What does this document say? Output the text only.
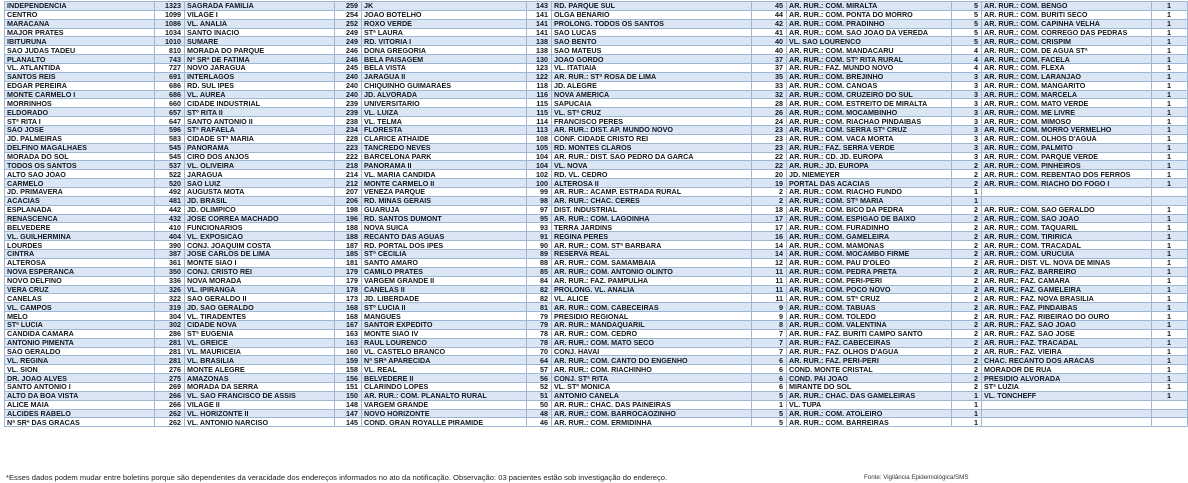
INDEPENDENCIA	1323	SAGRADA FAMILIA	259	JK	143	RD. PARQUE SUL	45	AR. RUR.: COM. MIRALTA	5	AR. RUR.: COM. BENGO	1
CENTRO	1099	VILAGE I	254	JOAO BOTELHO	141	OLGA BENARIO	44	AR. RUR.: COM. PONTA DO MORRO	5	AR. RUR.: COM. BURITI SECO	1
MARACANA	1086	VL. ANALIA	252	ROXO VERDE	141	PROLONG. TODOS OS SANTOS	42	AR. RUR.: COM. PRADINHO	5	AR. RUR.: COM. CAPINHA VELHA	1
MAJOR PRATES	1034	SANTO INACIO	249	STª LAURA	141	SAO LUCAS	41	AR. RUR.: COM. SAO JOAO DA VEREDA	5	AR. RUR.: COM. CORREGO DAS PEDRAS	1
IBITURUNA	1010	SUMARE	249	RD. VITORIA I	138	SAO BENTO	40	VL. SAO LOURENCO	5	AR. RUR.: COM. CRISPIM	1
SAO JUDAS TADEU	810	MORADA DO PARQUE	246	DONA GREGORIA	138	SAO MATEUS	40	AR. RUR.: COM. MANDACARU	4	AR. RUR.: COM. DE AGUA STª	1
PLANALTO	743	Nª SRª DE FATIMA	246	BELA PAISAGEM	130	JOAO GORDO	37	AR. RUR.: COM. STº RITA RURAL	4	AR. RUR.: COM. FACELA	1
VL. ATLANTIDA	727	NOVO JARAGUA	245	BELA VISTA	123	VL. ITATIAIA	37	AR. RUR.: FAZ. MUNDO NOVO	4	AR. RUR.: COM. FLEXA	1
SANTOS REIS	691	INTERLAGOS	240	JARAGUA II	122	AR. RUR.: STª ROSA DE LIMA	35	AR. RUR.: COM. BREJINHO	3	AR. RUR.: COM. LARANJAO	1
EDGAR PEREIRA	686	RD. SUL IPES	240	CHIQUINHO GUIMARAES	118	JD. ALEGRE	33	AR. RUR.: COM. CANOAS	3	AR. RUR.: COM. MANGARITO	1
MONTE CARMELO I	686	VL. AUREA	240	JD. ALVORADA	116	NOVA AMERICA	32	AR. RUR.: COM. CRUZEIRO DO SUL	3	AR. RUR.: COM. MARCELA	1
MORRINHOS	660	CIDADE INDUSTRIAL	239	UNIVERSITARIO	115	SAPUCAIA	28	AR. RUR.: COM. ESTREITO DE MIRALTA	3	AR. RUR.: COM. MATO VERDE	1
ELDORADO	657	STº RITA II	239	VL. LUIZA	115	VL. STª CRUZ	26	AR. RUR.: COM. MOCAMBINHO	3	AR. RUR.: COM. ME LIVRE	1
STª RITA I	647	SANTO ANTONIO II	238	VL. TELMA	114	FRANCISCO PERES	24	AR. RUR.: COM. RIACHAO PINDAIBAS	3	AR. RUR.: COM. MIMOSO	1
SAO JOSE	596	STª RAFAELA	234	FLORESTA	113	AR. RUR.: DIST. AP. MUNDO NOVO	23	AR. RUR.: COM. SERRA STª CRUZ	3	AR. RUR.: COM. MORRO VERMELHO	1
JD. PALMEIRAS	583	CIDADE STª MARIA	228	CLARICE ATHAIDE	108	CONF. CIDADE CRISTO REI	23	AR. RUR.: COM. VACA MORTA	3	AR. RUR.: COM. OLHOS D'AGUA	1
DELFINO MAGALHAES	545	PANORAMA	223	TANCREDO NEVES	105	RD. MONTES CLAROS	23	AR. RUR.: FAZ. SERRA VERDE	3	AR. RUR.: COM. PALMITO	1
MORADA DO SOL	545	CIRO DOS ANJOS	222	BARCELONA PARK	104	AR. RUR.: DIST. SAO PEDRO DA GARCA	22	AR. RUR.: CD. JD. EUROPA	3	AR. RUR.: COM. PARQUE VERDE	1
TODOS OS SANTOS	537	VL. OLIVEIRA	218	PANORAMA II	104	VL. NOVA	22	AR. RUR.: JD. EUROPA	2	AR. RUR.: COM. PINHEIROS	1
ALTO SAO JOAO	522	JARAGUA	214	VL. MARIA CANDIDA	102	RD. VL. CEDRO	20	JD. NIEMEYER	2	AR. RUR.: COM. REBENTAO DOS FERROS	1
CARMELO	520	SAO LUIZ	212	MONTE CARMELO II	100	ALTEROSA II	19	PORTAL DAS ACACIAS	2	AR. RUR.: COM. RIACHO DO FOGO I	1
JD. PRIMAVERA	492	AUGUSTA MOTA	207	VENEZA PARQUE	99	AR. RUR.: ACAMP. ESTRADA RURAL	2	AR. RUR.: COM. RIACHO FUNDO	1		
ACACIAS	481	JD. BRASIL	206	RD. MINAS GERAIS	98	AR. RUR.: CHAC. CERES	2	AR. RUR.: COM. STª MARIA	1		
ESPLANADA	442	JD. OLIMPICO	198	GUARUJA	97	DIST. INDUSTRIAL	18	AR. RUR.: COM. BICO DA PEDRA	2	AR. RUR.: COM. SAO GERALDO	1
RENASCENCA	432	JOSE CORREA MACHADO	196	RD. SANTOS DUMONT	95	AR. RUR.: COM. LAGOINHA	17	AR. RUR.: COM. ESPIGAO DE BAIXO	2	AR. RUR.: COM. SAO JOAO	1
BELVEDERE	410	FUNCIONARIOS	188	NOVA SUICA	93	TERRA JARDINS	17	AR. RUR.: COM. FURADINHO	2	AR. RUR.: COM. TAQUARIL	1
VL. GUILHERMINA	404	VL. EXPOSICAO	188	RECANTO DAS AGUAS	91	REGINA PERES	16	AR. RUR.: COM. GAMELEIRA	2	AR. RUR.: COM. TIRIRICA	1
LOURDES	390	CONJ. JOAQUIM COSTA	187	RD. PORTAL DOS IPES	90	AR. RUR.: COM. STª BARBARA	14	AR. RUR.: COM. MAMONAS	2	AR. RUR.: COM. TRACADAL	1
CINTRA	387	JOSE CARLOS DE LIMA	185	STª CECILIA	89	RESERVA REAL	14	AR. RUR.: COM. MOCAMBO FIRME	2	AR. RUR.: COM. URUCUIA	1
ALTEROSA	361	MONTE SIAO I	181	SANTO AMARO	88	AR. RUR.: COM. SAMAMBAIA	12	AR. RUR.: COM. PAU D'OLEO	2	AR. RUR.: DIST. VL. NOVA DE MINAS	1
NOVA ESPERANCA	350	CONJ. CRISTO REI	179	CAMILO PRATES	85	AR. RUR.: COM. ANTONIO OLINTO	11	AR. RUR.: COM. PEDRA PRETA	2	AR. RUR.: FAZ. BARREIRO	1
NOVO DELFINO	336	NOVA MORADA	179	VARGEM GRANDE II	84	AR. RUR.: FAZ. PAMPULHA	11	AR. RUR.: COM. PERI-PERI	2	AR. RUR.: FAZ. CAMARA	1
VERA CRUZ	326	VL. IPIRANGA	178	CANELAS II	82	PROLONG. VL. ANALIA	11	AR. RUR.: COM. POCO NOVO	2	AR. RUR.: FAZ. GAMELEIRA	1
CANELAS	322	SAO GERALDO II	173	JD. LIBERDADE	82	VL. ALICE	11	AR. RUR.: COM. STª CRUZ	2	AR. RUR.: FAZ. NOVA BRASILIA	1
VL. CAMPOS	319	JD. SAO GERALDO	168	STº LUCIA II	81	AR. RUR.: COM. CABECEIRAS	9	AR. RUR.: COM. TABUAS	2	AR. RUR.: FAZ. PINDAIBAS	1
MELO	304	VL. TIRADENTES	168	MANGUES	79	PRESIDIO REGIONAL	9	AR. RUR.: COM. TOLEDO	2	AR. RUR.: FAZ. RIBEIRAO DO OURO	1
STª LUCIA	302	CIDADE NOVA	167	SANTOR EXPEDITO	79	AR. RUR.: MANDAQUARIL	8	AR. RUR.: COM. VALENTINA	2	AR. RUR.: FAZ. SAO JOAO	1
CANDIDA CAMARA	286	STª EUGENIA	163	MONTE SIAO IV	78	AR. RUR.: COM. CEDRO	7	AR. RUR.: FAZ. BURITI CAMPO SANTO	2	AR. RUR.: FAZ. SAO JOSE	1
ANTONIO PIMENTA	281	VL. GREICE	163	RAUL LOURENCO	78	AR. RUR.: COM. MATO SECO	7	AR. RUR.: FAZ. CABECEIRAS	2	AR. RUR.: FAZ. TRACADAL	1
SAO GERALDO	281	VL. MAURICEIA	160	VL. CASTELO BRANCO	70	CONJ. HAVAI	7	AR. RUR.: FAZ. OLHOS D'AGUA	2	AR. RUR.: FAZ. VIEIRA	1
VL. REGINA	281	VL. BRASILIA	159	Nª SRª APARECIDA	64	AR. RUR.: COM. CANTO DO ENGENHO	6	AR. RUR.: FAZ. PERI-PERI	2	CHAC. RECANTO DOS ARACAS	1
VL. SION	276	MONTE ALEGRE	158	VL. REAL	57	AR. RUR.: COM. RIACHINHO	6	COND. MONTE CRISTAL	2	MORADOR DE RUA	1
DR. JOAO ALVES	275	AMAZONAS	156	BELVEDERE II	56	CONJ. STª RITA	6	COND. PAI JOAO	2	PRESIDIO ALVORADA	1
SANTO ANTONIO I	269	MORADA DA SERRA	151	CLARINDO LOPES	52	VL. STº MONICA	6	MIRANTE DO SOL	2	STª LUZIA	1
ALTO DA BOA VISTA	266	VL. SAO FRANCISCO DE ASSIS	150	AR. RUR.: COM. PLANALTO RURAL	51	ANTONIO CANELA	5	AR. RUR.: CHAC. DAS GAMELEIRAS	1	VL. TONCHEFF	1
ALICE MAIA	266	VILAGE II	148	VARGEM GRANDE	50	AR. RUR.: CHAC. DAS PAINEIRAS	1	VL. TUPA	1		
ALCIDES RABELO	262	VL. HORIZONTE II	147	NOVO HORIZONTE	48	AR. RUR.: COM. BARROCAOZINHO	5	AR. RUR.: COM. ATOLEIRO	1		
Nª SRª DAS GRACAS	262	VL. ANTONIO NARCISO	145	COND. GRAN ROYALLE PIRAMIDE	46	AR. RUR.: COM. ERMIDINHA	5	AR. RUR.: COM. BARREIRAS	1		
*Esses dados podem mudar entre boletins porque são dependentes da veracidade dos endereços informados no ato da notificação. Observação: 03 pacientes estão sob investigação do endereço.	Fonte: Vigilância Epidemiológica/SMS
